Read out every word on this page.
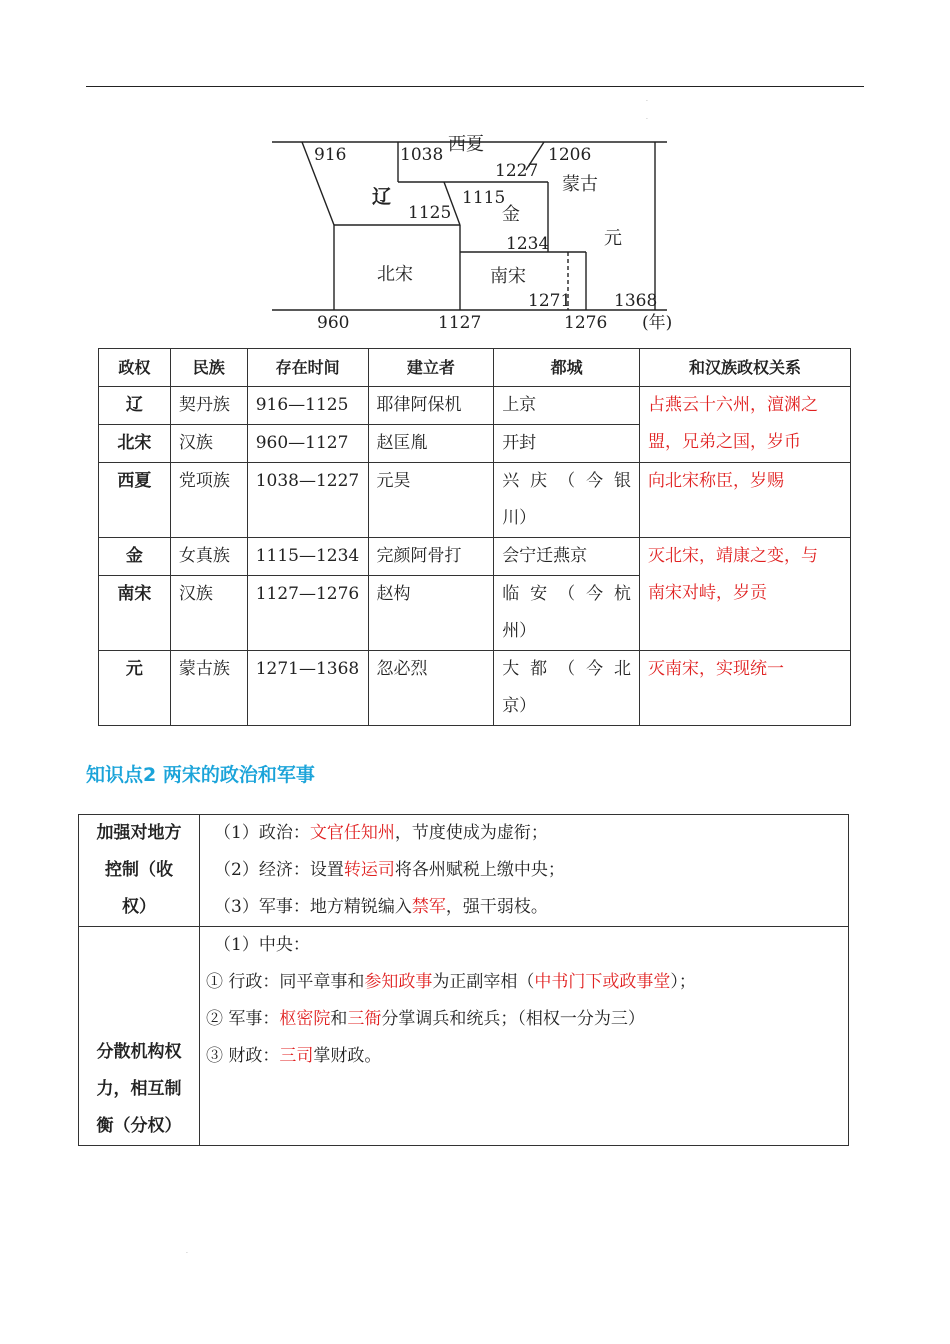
·
·
916	1038 西夏	1206
1227
蒙古
辽	1115
1125	金
元
1234
北宋	南宋
1271	1368
960	1127	1276 (年)
政权	民族	存在时间	建立者	都城	和汉族政权关系
辽	契丹族	916—1125	耶律阿保机	上京	占燕云十六州，澶渊之
盟，兄弟之国，岁币

北宋	汉族	960—1127	赵匡胤	开封	
西夏	党项族	1038—1227	元昊	兴庆（今银
川）	向北宋称臣，岁赐
金	女真族	1115—1234	完颜阿骨打	会宁迁燕京	灭北宋，靖康之变，与
南宋对峙，岁贡

南宋	汉族	1127—1276	赵构	临安（今杭
州）	

元	蒙古族	1271—1368	忽必烈	大都（今北
京）	灭南宋，实现统一
知识点2 两宋的政治和军事
加强对地方
控制（收
权）	（1）政治：文官任知州，节度使成为虚衔；
（2）经济：设置转运司将各州赋税上缴中央；
（3）军事：地方精锐编入禁军，强干弱枝。

分散机构权
力，相互制
衡（分权）	（1）中央：
① 行政：同平章事和参知政事为正副宰相（中书门下或政事堂）；
② 军事：枢密院和三衙分掌调兵和统兵；（相权一分为三）
③ 财政：三司掌财政。
·
